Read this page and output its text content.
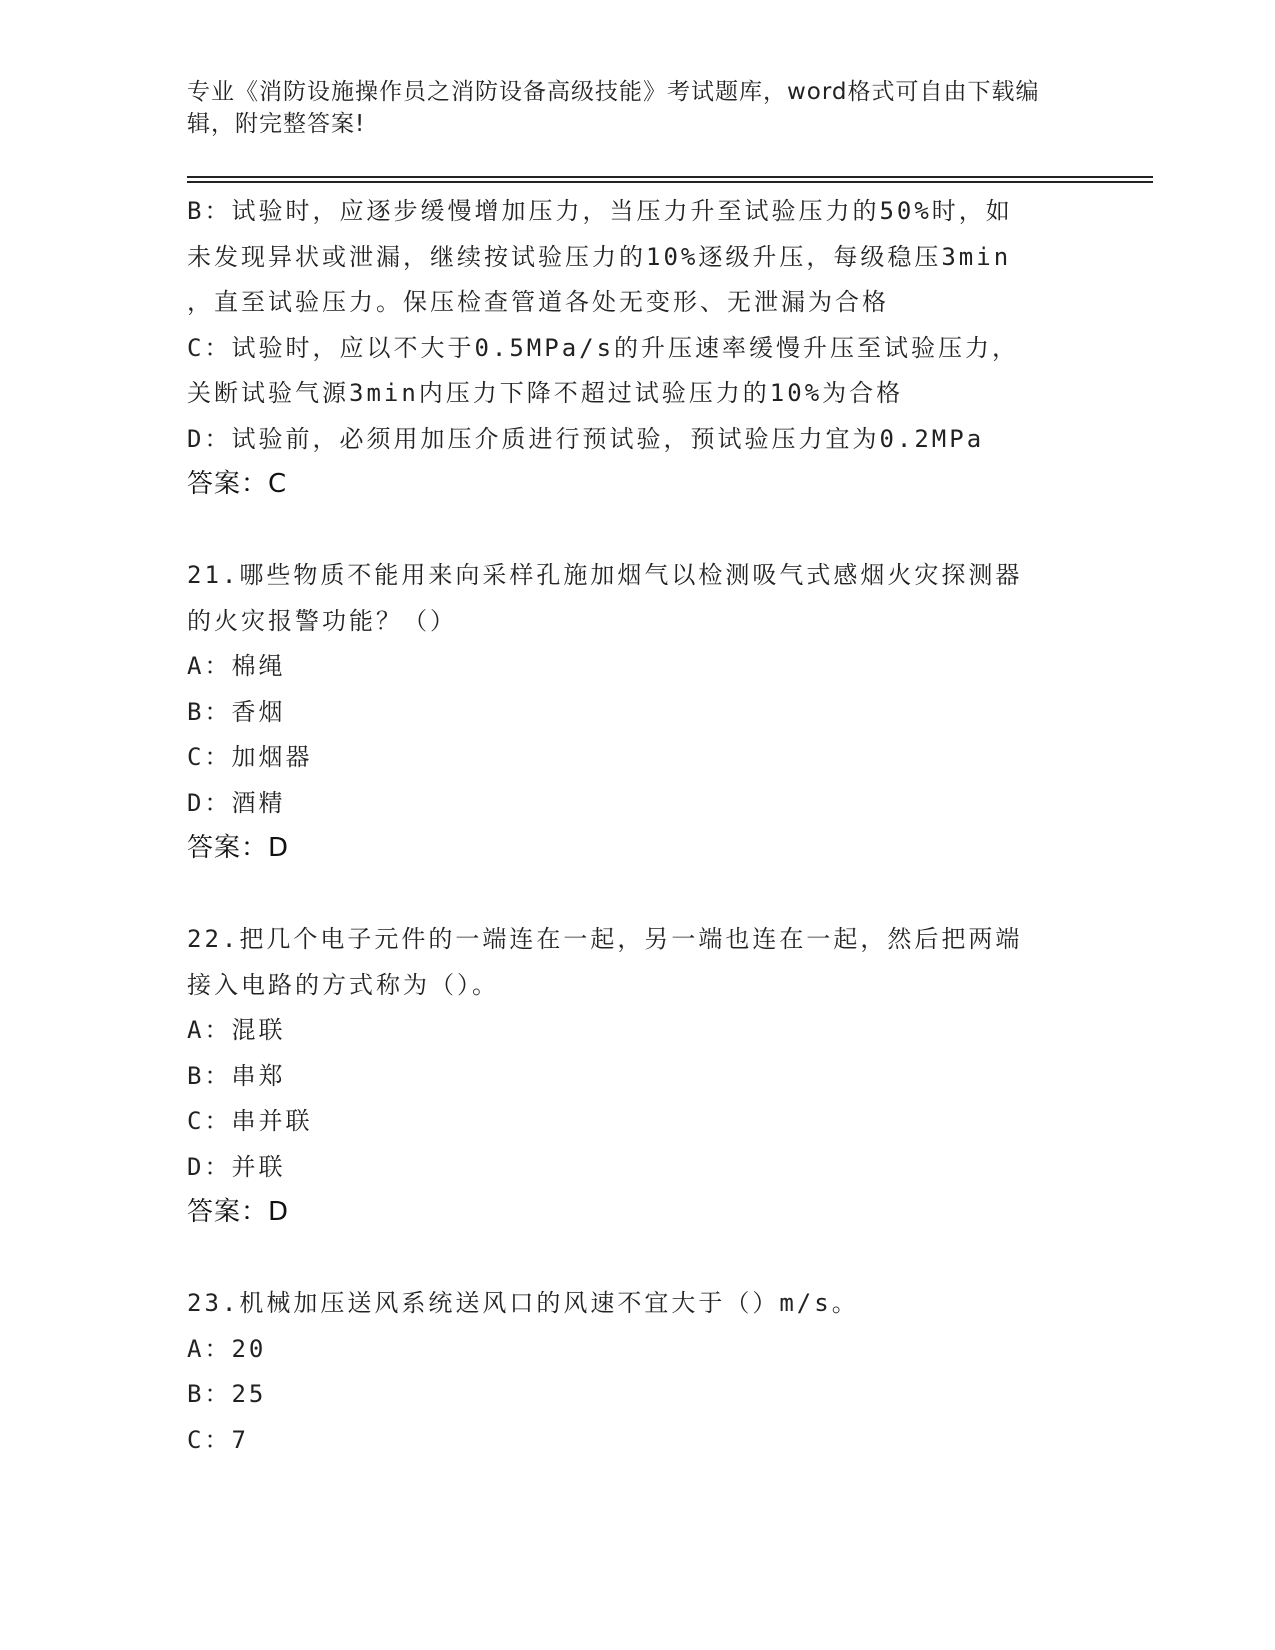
专业《消防设施操作员之消防设备高级技能》考试题库，word格式可自由下载编辑，附完整答案!
B：试验时，应逐步缓慢增加压力，当压力升至试验压力的50%时，如
未发现异状或泄漏，继续按试验压力的10%逐级升压，每级稳压3min
，直至试验压力。保压检查管道各处无变形、无泄漏为合格
C：试验时，应以不大于0.5MPa/s的升压速率缓慢升压至试验压力，
关断试验气源3min内压力下降不超过试验压力的10%为合格
D：试验前，必须用加压介质进行预试验，预试验压力宜为0.2MPa
答案：C
21.哪些物质不能用来向采样孔施加烟气以检测吸气式感烟火灾探测器
的火灾报警功能？（）
A：棉绳
B：香烟
C：加烟器
D：酒精
答案：D
22.把几个电子元件的一端连在一起，另一端也连在一起，然后把两端
接入电路的方式称为（）。
A：混联
B：串郑
C：串并联
D：并联
答案：D
23.机械加压送风系统送风口的风速不宜大于（）m/s。
A：20
B：25
C：7
